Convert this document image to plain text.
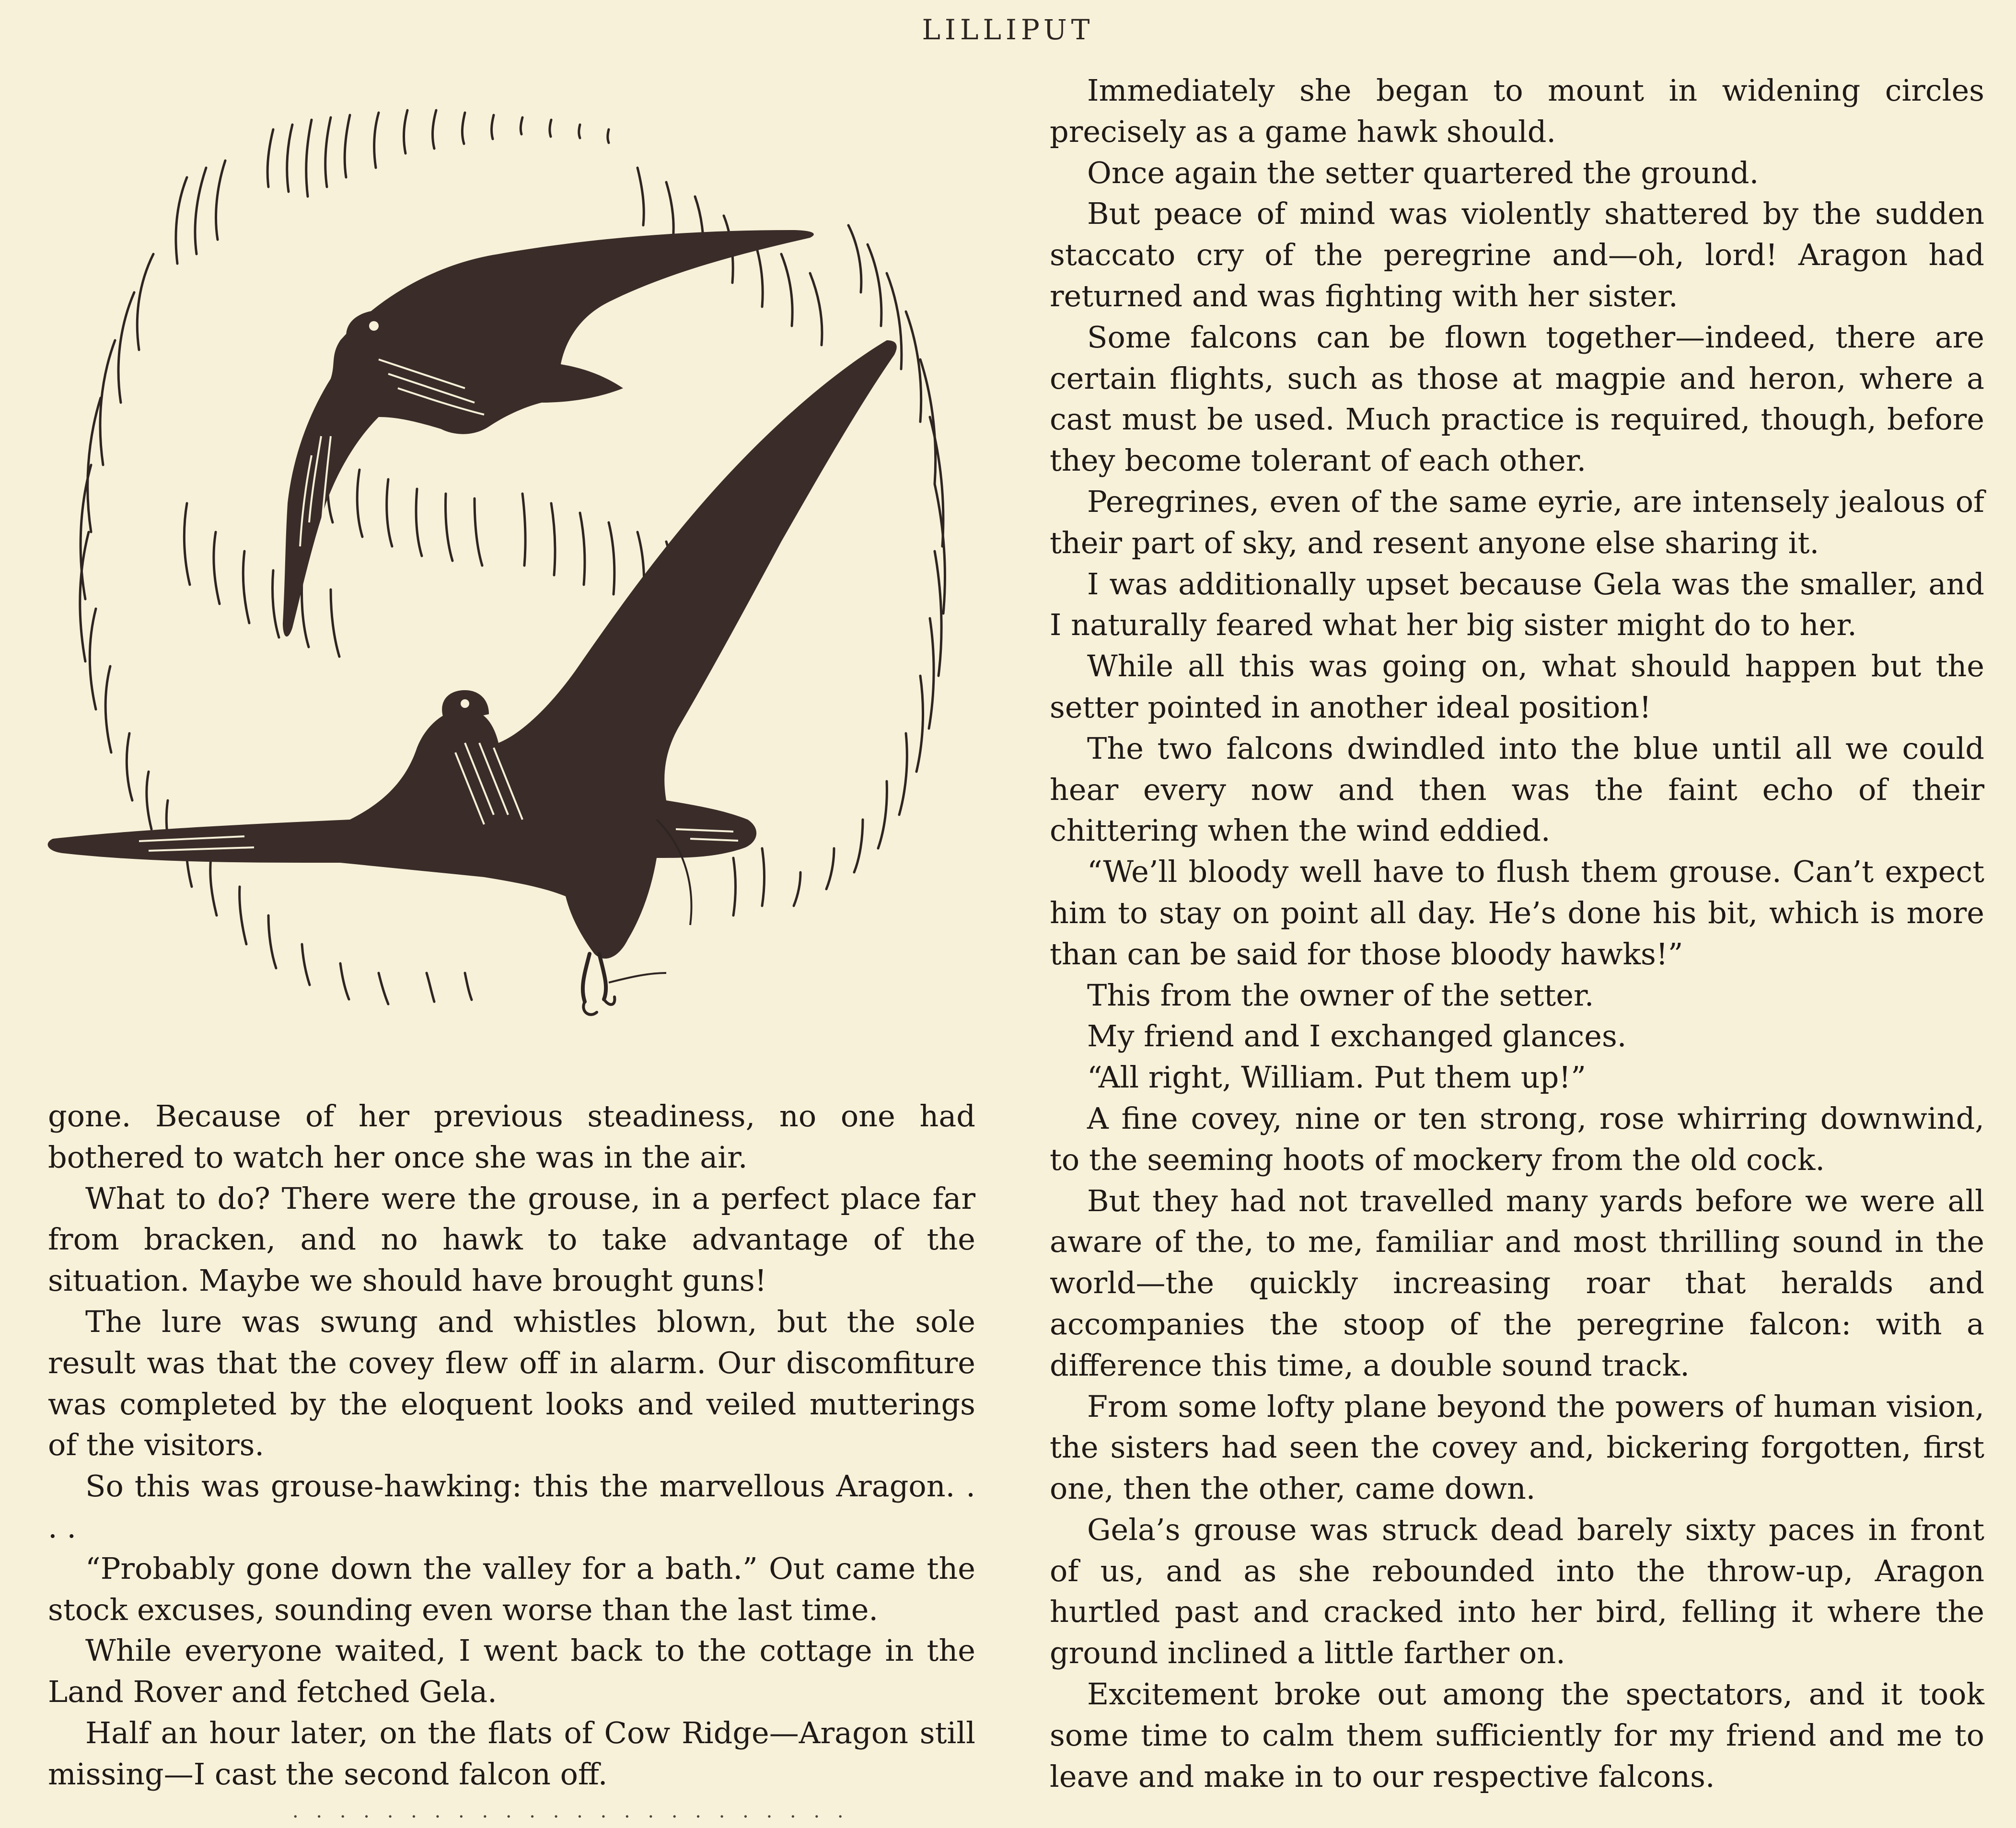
LILLIPUT

gone. Because of her previous steadiness, no one had bothered to watch her once she was in the air.

What to do? There were the grouse, in a perfect place far from bracken, and no hawk to take advantage of the situation. Maybe we should have brought guns!

The lure was swung and whistles blown, but the sole result was that the covey flew off in alarm. Our discomfiture was completed by the eloquent looks and veiled mutterings of the visitors.

So this was grouse-hawking: this the marvellous Aragon. . . .

“Probably gone down the valley for a bath.” Out came the stock excuses, sounding even worse than the last time.

While everyone waited, I went back to the cottage in the Land Rover and fetched Gela.

Half an hour later, on the flats of Cow Ridge—Aragon still missing—I cast the second falcon off.

· · · · · · · · · · · · · · · · · · · · · · · ·

Immediately she began to mount in widening circles precisely as a game hawk should.

Once again the setter quartered the ground.

But peace of mind was violently shattered by the sudden staccato cry of the peregrine and—oh, lord! Aragon had returned and was fighting with her sister.

Some falcons can be flown together—indeed, there are certain flights, such as those at magpie and heron, where a cast must be used. Much practice is required, though, before they become tolerant of each other.

Peregrines, even of the same eyrie, are intensely jealous of their part of sky, and resent anyone else sharing it.

I was additionally upset because Gela was the smaller, and I naturally feared what her big sister might do to her.

While all this was going on, what should happen but the setter pointed in another ideal position!

The two falcons dwindled into the blue until all we could hear every now and then was the faint echo of their chittering when the wind eddied.

“We’ll bloody well have to flush them grouse. Can’t expect him to stay on point all day. He’s done his bit, which is more than can be said for those bloody hawks!”

This from the owner of the setter.

My friend and I exchanged glances.

“All right, William. Put them up!”

A fine covey, nine or ten strong, rose whirring downwind, to the seeming hoots of mockery from the old cock.

But they had not travelled many yards before we were all aware of the, to me, familiar and most thrilling sound in the world—the quickly increasing roar that heralds and accompanies the stoop of the peregrine falcon: with a difference this time, a double sound track.

From some lofty plane beyond the powers of human vision, the sisters had seen the covey and, bickering forgotten, first one, then the other, came down.

Gela’s grouse was struck dead barely sixty paces in front of us, and as she rebounded into the throw-up, Aragon hurtled past and cracked into her bird, felling it where the ground inclined a little farther on.

Excitement broke out among the spectators, and it took some time to calm them sufficiently for my friend and me to leave and make in to our respective falcons.
